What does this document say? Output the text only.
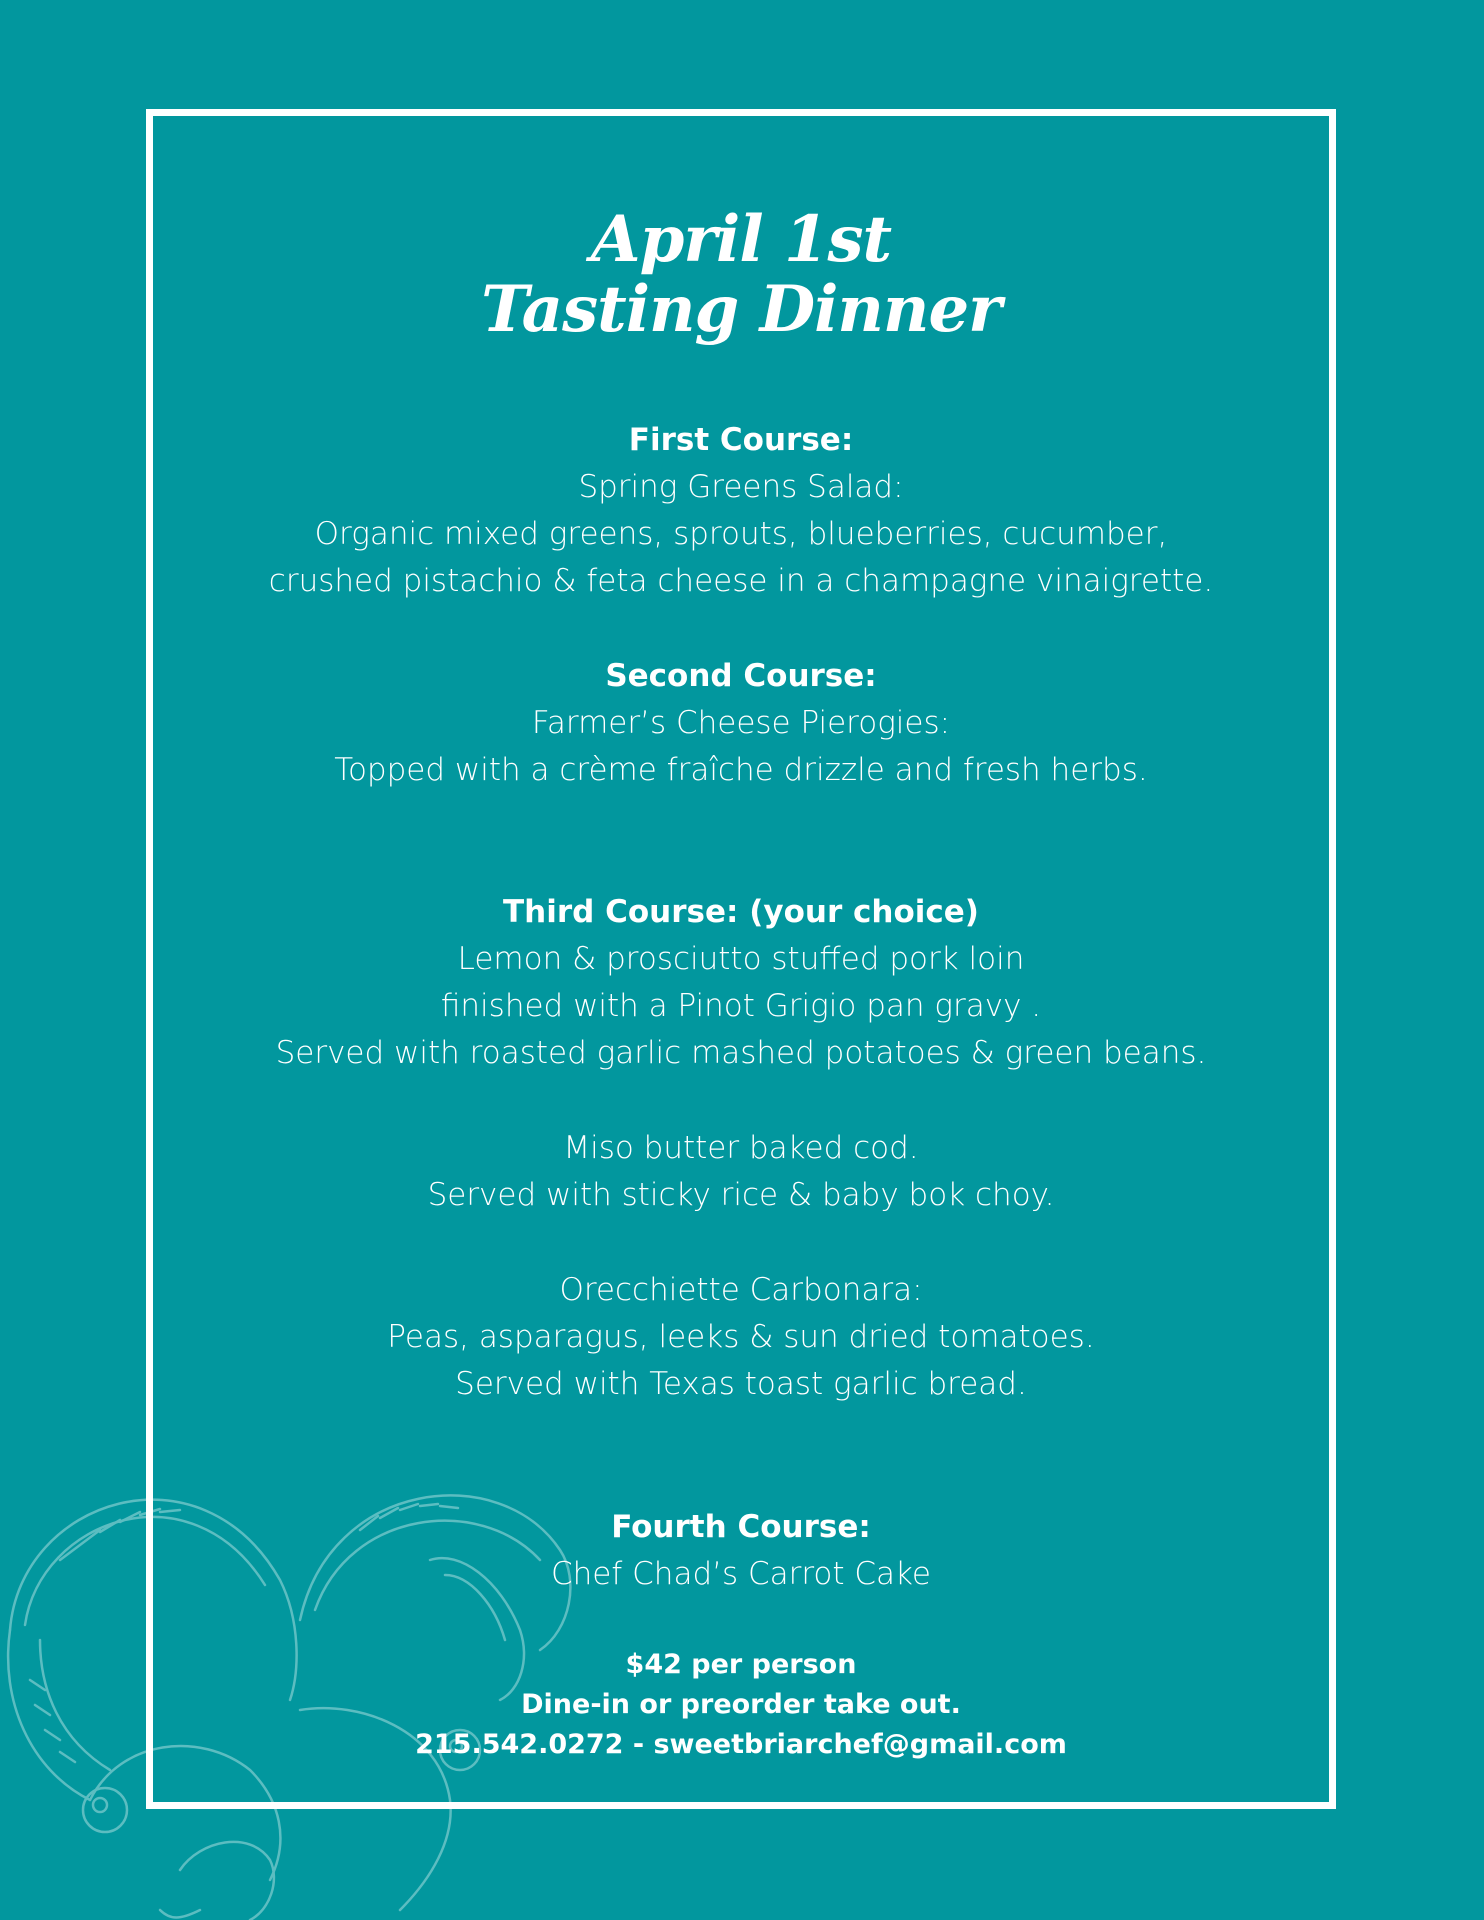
April 1st
Tasting Dinner
First Course:
Spring Greens Salad:
Organic mixed greens, sprouts, blueberries, cucumber,
crushed pistachio & feta cheese in a champagne vinaigrette.
Second Course:
Farmer’s Cheese Pierogies:
Topped with a crème fraîche drizzle and fresh herbs.
Third Course: (your choice)
Lemon & prosciutto stuffed pork loin
finished with a Pinot Grigio pan gravy .
Served with roasted garlic mashed potatoes & green beans.
Miso butter baked cod.
Served with sticky rice & baby bok choy.
Orecchiette Carbonara:
Peas, asparagus, leeks & sun dried tomatoes.
Served with Texas toast garlic bread.
Fourth Course:
Chef Chad’s Carrot Cake
$42 per person
Dine-in or preorder take out.
215.542.0272 - sweetbriarchef@gmail.com
